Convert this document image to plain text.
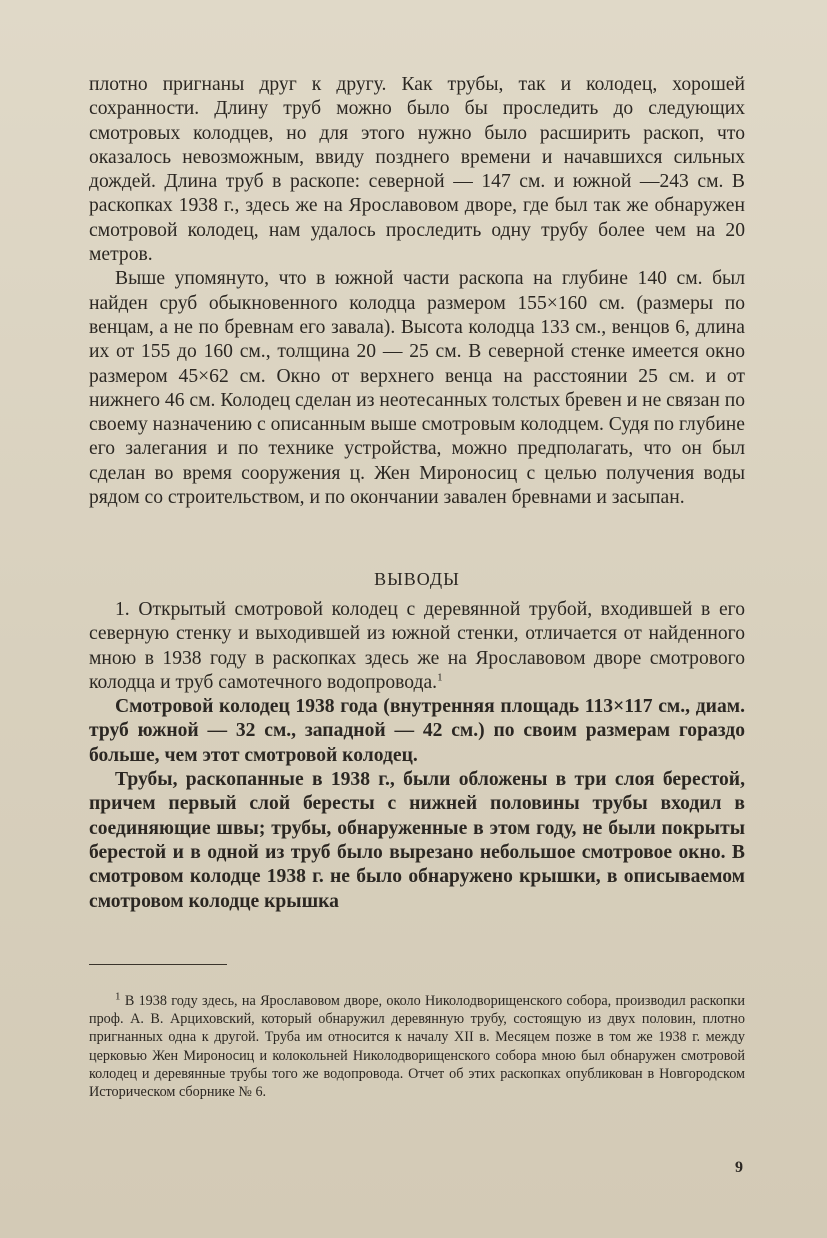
плотно пригнаны друг к другу. Как трубы, так и колодец, хорошей сохранности. Длину труб можно было бы проследить до следующих смотровых колодцев, но для этого нужно было расширить раскоп, что оказалось невозможным, ввиду позднего времени и начавшихся сильных дождей. Длина труб в раскопе: северной — 147 см. и южной —243 см. В раскопках 1938 г., здесь же на Ярославовом дворе, где был так же обнаружен смотровой колодец, нам удалось проследить одну трубу более чем на 20 метров.

Выше упомянуто, что в южной части раскопа на глубине 140 см. был найден сруб обыкновенного колодца размером 155×160 см. (размеры по венцам, а не по бревнам его завала). Высота колодца 133 см., венцов 6, длина их от 155 до 160 см., толщина 20 — 25 см. В северной стенке имеется окно размером 45×62 см. Окно от верхнего венца на расстоянии 25 см. и от нижнего 46 см. Колодец сделан из неотесанных толстых бревен и не связан по своему назначению с описанным выше смотровым колодцем. Судя по глубине его залегания и по технике устройства, можно предполагать, что он был сделан во время сооружения ц. Жен Мироносиц с целью получения воды рядом со строительством, и по окончании завален бревнами и засыпан.

ВЫВОДЫ

1. Открытый смотровой колодец с деревянной трубой, входившей в его северную стенку и выходившей из южной стенки, отличается от найденного мною в 1938 году в раскопках здесь же на Ярославовом дворе смотрового колодца и труб самотечного водопровода.$^1$

Смотровой колодец 1938 года (внутренняя площадь 113×117 см., диам. труб южной — 32 см., западной — 42 см.) по своим размерам гораздо больше, чем этот смотровой колодец.

Трубы, раскопанные в 1938 г., были обложены в три слоя берестой, причем первый слой бересты с нижней половины трубы входил в соединяющие швы; трубы, обнаруженные в этом году, не были покрыты берестой и в одной из труб было вырезано небольшое смотровое окно. В смотровом колодце 1938 г. не было обнаружено крышки, в описываемом смотровом колодце крышка

$^1$ В 1938 году здесь, на Ярославовом дворе, около Николодворищенского собора, производил раскопки проф. А. В. Арциховский, который обнаружил деревянную трубу, состоящую из двух половин, плотно пригнанных одна к другой. Труба им относится к началу XII в. Месяцем позже в том же 1938 г. между церковью Жен Мироносиц и колокольней Николодворищенского собора мною был обнаружен смотровой колодец и деревянные трубы того же водопровода. Отчет об этих раскопках опубликован в Новгородском Историческом сборнике № 6.

9
